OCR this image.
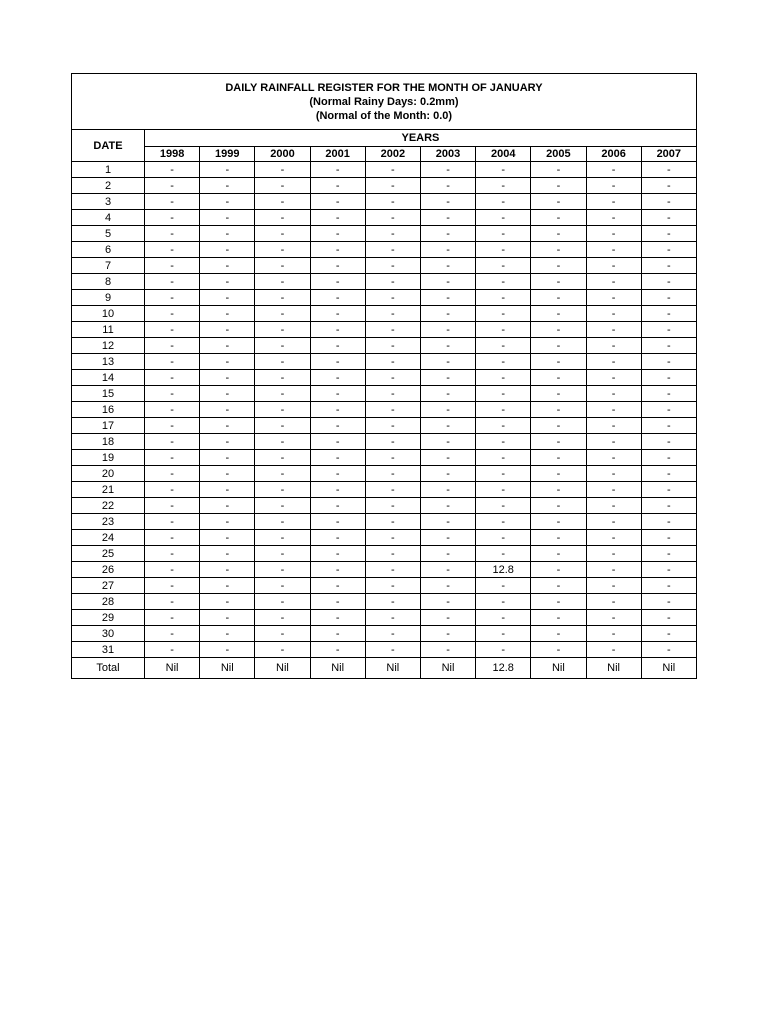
DAILY RAINFALL REGISTER FOR THE MONTH OF JANUARY
(Normal Rainy Days: 0.2mm)
(Normal of the Month: 0.0)										

DATE	YEARS									
	1998	1999	2000	2001	2002	2003	2004	2005	2006	2007
1	-	-	-	-	-	-	-	-	-	-
2	-	-	-	-	-	-	-	-	-	-
3	-	-	-	-	-	-	-	-	-	-
4	-	-	-	-	-	-	-	-	-	-
5	-	-	-	-	-	-	-	-	-	-
6	-	-	-	-	-	-	-	-	-	-
7	-	-	-	-	-	-	-	-	-	-
8	-	-	-	-	-	-	-	-	-	-
9	-	-	-	-	-	-	-	-	-	-
10	-	-	-	-	-	-	-	-	-	-
11	-	-	-	-	-	-	-	-	-	-
12	-	-	-	-	-	-	-	-	-	-
13	-	-	-	-	-	-	-	-	-	-
14	-	-	-	-	-	-	-	-	-	-
15	-	-	-	-	-	-	-	-	-	-
16	-	-	-	-	-	-	-	-	-	-
17	-	-	-	-	-	-	-	-	-	-
18	-	-	-	-	-	-	-	-	-	-
19	-	-	-	-	-	-	-	-	-	-
20	-	-	-	-	-	-	-	-	-	-
21	-	-	-	-	-	-	-	-	-	-
22	-	-	-	-	-	-	-	-	-	-
23	-	-	-	-	-	-	-	-	-	-
24	-	-	-	-	-	-	-	-	-	-
25	-	-	-	-	-	-	-	-	-	-
26	-	-	-	-	-	-	12.8	-	-	-
27	-	-	-	-	-	-	-	-	-	-
28	-	-	-	-	-	-	-	-	-	-
29	-	-	-	-	-	-	-	-	-	-
30	-	-	-	-	-	-	-	-	-	-
31	-	-	-	-	-	-	-	-	-	-
Total	Nil	Nil	Nil	Nil	Nil	Nil	12.8	Nil	Nil	Nil
